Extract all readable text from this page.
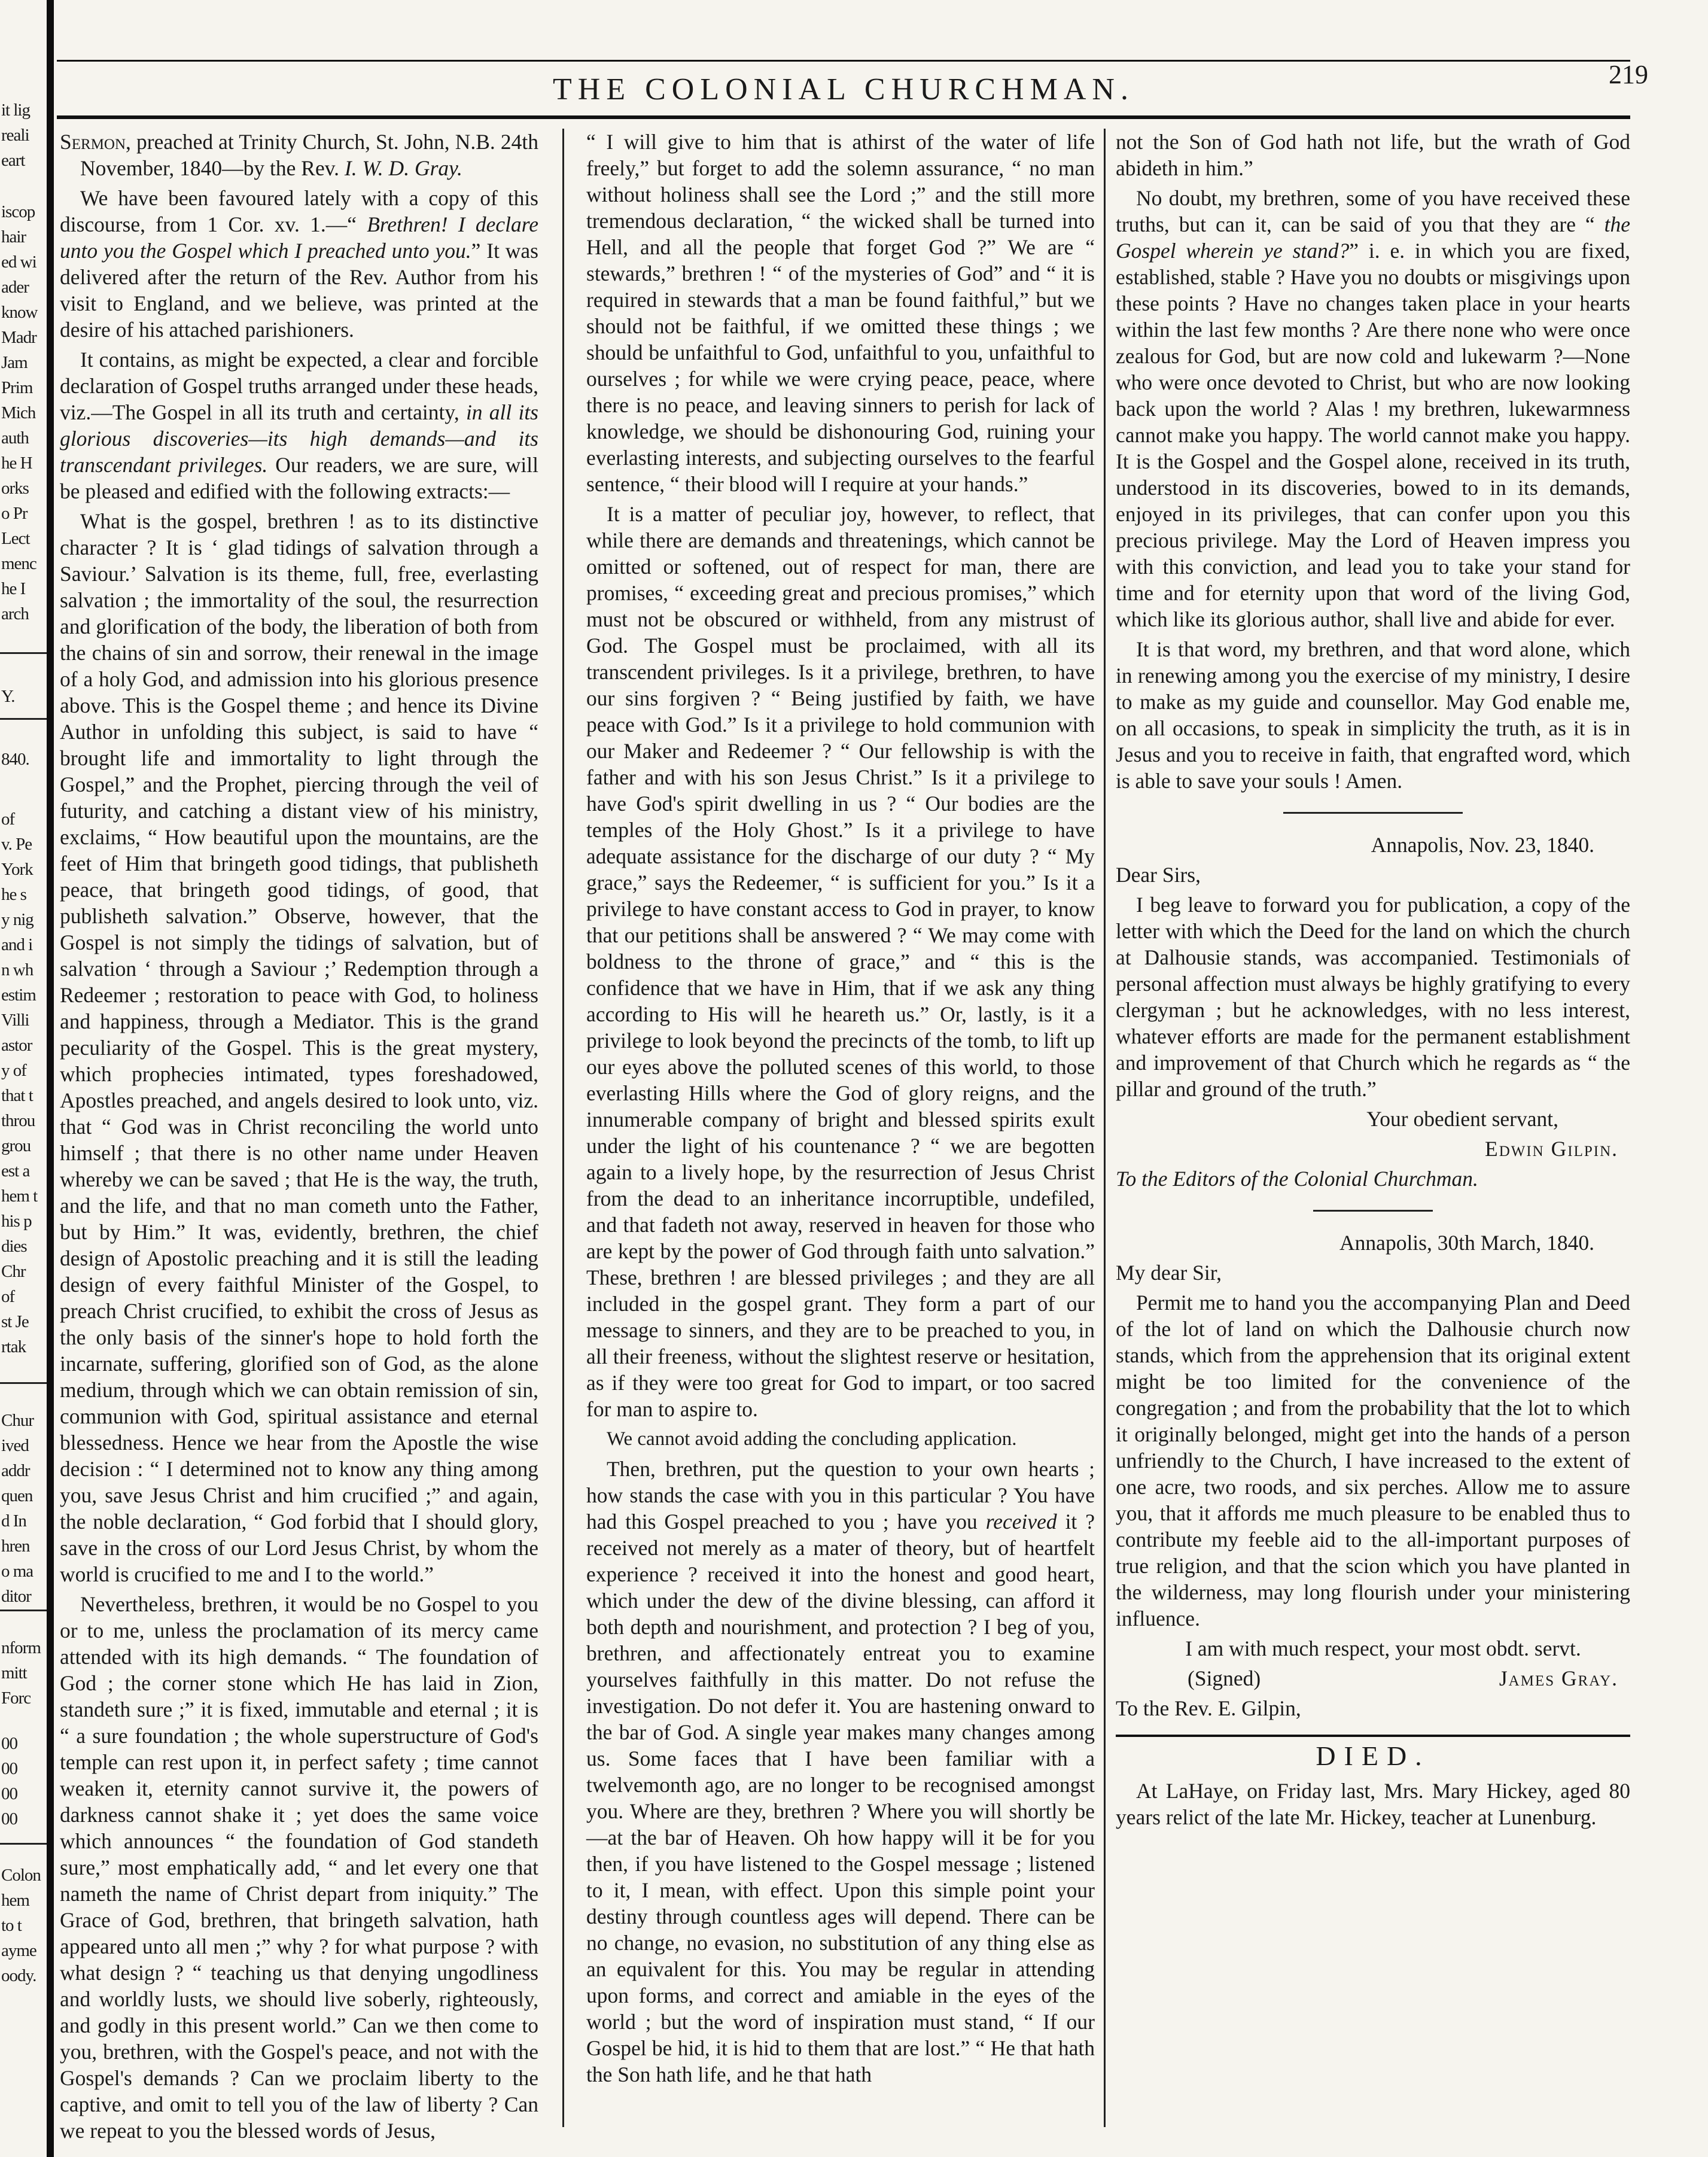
it lig
reali
eart
iscop
hair
ed wi
ader
know
Madr
Jam
Prim
Mich
auth
he H
orks
o Pr
Lect
menc
he I
arch
Y.
840.
of
v. Pe
York
he s
y nig
and i
n wh
estim
Villi
astor
y of
that t
throu
grou
est a
hem t
his p
dies
Chr
of
st Je
rtak
Chur
ived
addr
quen
d In
hren
o ma
ditor
nform
mitt
Forc
00
00
00
00
Colon
hem
to t
ayme
oody.
THE COLONIAL CHURCHMAN.	219

Sermon, preached at Trinity Church, St. John, N.B. 24th November, 1840—by the Rev. I. W. D. Gray.

We have been favoured lately with a copy of this discourse, from 1 Cor. xv. 1.—“ Brethren! I declare unto you the Gospel which I preached unto you.” It was delivered after the return of the Rev. Author from his visit to England, and we believe, was printed at the desire of his attached parishioners.

It contains, as might be expected, a clear and forcible declaration of Gospel truths arranged under these heads, viz.—The Gospel in all its truth and certainty, in all its glorious discoveries—its high demands—and its transcendant privileges. Our readers, we are sure, will be pleased and edified with the following extracts:—

What is the gospel, brethren ! as to its distinctive character ? It is ‘ glad tidings of salvation through a Saviour.’ Salvation is its theme, full, free, everlasting salvation ; the immortality of the soul, the resurrection and glorification of the body, the liberation of both from the chains of sin and sorrow, their renewal in the image of a holy God, and admission into his glorious presence above. This is the Gospel theme ; and hence its Divine Author in unfolding this subject, is said to have “ brought life and immortality to light through the Gospel,” and the Prophet, piercing through the veil of futurity, and catching a distant view of his ministry, exclaims, “ How beautiful upon the mountains, are the feet of Him that bringeth good tidings, that publisheth peace, that bringeth good tidings, of good, that publisheth salvation.” Observe, however, that the Gospel is not simply the tidings of salvation, but of salvation ‘ through a Saviour ;’ Redemption through a Redeemer ; restoration to peace with God, to holiness and happiness, through a Mediator. This is the grand peculiarity of the Gospel. This is the great mystery, which prophecies intimated, types foreshadowed, Apostles preached, and angels desired to look unto, viz. that “ God was in Christ reconciling the world unto himself ; that there is no other name under Heaven whereby we can be saved ; that He is the way, the truth, and the life, and that no man cometh unto the Father, but by Him.” It was, evidently, brethren, the chief design of Apostolic preaching and it is still the leading design of every faithful Minister of the Gospel, to preach Christ crucified, to exhibit the cross of Jesus as the only basis of the sinner's hope to hold forth the incarnate, suffering, glorified son of God, as the alone medium, through which we can obtain remission of sin, communion with God, spiritual assistance and eternal blessedness. Hence we hear from the Apostle the wise decision : “ I determined not to know any thing among you, save Jesus Christ and him crucified ;” and again, the noble declaration, “ God forbid that I should glory, save in the cross of our Lord Jesus Christ, by whom the world is crucified to me and I to the world.”

Nevertheless, brethren, it would be no Gospel to you or to me, unless the proclamation of its mercy came attended with its high demands. “ The foundation of God ; the corner stone which He has laid in Zion, standeth sure ;” it is fixed, immutable and eternal ; it is “ a sure foundation ; the whole superstructure of God's temple can rest upon it, in perfect safety ; time cannot weaken it, eternity cannot survive it, the powers of darkness cannot shake it ; yet does the same voice which announces “ the foundation of God standeth sure,” most emphatically add, “ and let every one that nameth the name of Christ depart from iniquity.” The Grace of God, brethren, that bringeth salvation, hath appeared unto all men ;” why ? for what purpose ? with what design ? “ teaching us that denying ungodliness and worldly lusts, we should live soberly, righteously, and godly in this present world.” Can we then come to you, brethren, with the Gospel's peace, and not with the Gospel's demands ? Can we proclaim liberty to the captive, and omit to tell you of the law of liberty ? Can we repeat to you the blessed words of Jesus,

“ I will give to him that is athirst of the water of life freely,” but forget to add the solemn assurance, “ no man without holiness shall see the Lord ;” and the still more tremendous declaration, “ the wicked shall be turned into Hell, and all the people that forget God ?” We are “ stewards,” brethren ! “ of the mysteries of God” and “ it is required in stewards that a man be found faithful,” but we should not be faithful, if we omitted these things ; we should be unfaithful to God, unfaithful to you, unfaithful to ourselves ; for while we were crying peace, peace, where there is no peace, and leaving sinners to perish for lack of knowledge, we should be dishonouring God, ruining your everlasting interests, and subjecting ourselves to the fearful sentence, “ their blood will I require at your hands.”

It is a matter of peculiar joy, however, to reflect, that while there are demands and threatenings, which cannot be omitted or softened, out of respect for man, there are promises, “ exceeding great and precious promises,” which must not be obscured or withheld, from any mistrust of God. The Gospel must be proclaimed, with all its transcendent privileges. Is it a privilege, brethren, to have our sins forgiven ? “ Being justified by faith, we have peace with God.” Is it a privilege to hold communion with our Maker and Redeemer ? “ Our fellowship is with the father and with his son Jesus Christ.” Is it a privilege to have God's spirit dwelling in us ? “ Our bodies are the temples of the Holy Ghost.” Is it a privilege to have adequate assistance for the discharge of our duty ? “ My grace,” says the Redeemer, “ is sufficient for you.” Is it a privilege to have constant access to God in prayer, to know that our petitions shall be answered ? “ We may come with boldness to the throne of grace,” and “ this is the confidence that we have in Him, that if we ask any thing according to His will he heareth us.” Or, lastly, is it a privilege to look beyond the precincts of the tomb, to lift up our eyes above the polluted scenes of this world, to those everlasting Hills where the God of glory reigns, and the innumerable company of bright and blessed spirits exult under the light of his countenance ? “ we are begotten again to a lively hope, by the resurrection of Jesus Christ from the dead to an inheritance incorruptible, undefiled, and that fadeth not away, reserved in heaven for those who are kept by the power of God through faith unto salvation.” These, brethren ! are blessed privileges ; and they are all included in the gospel grant. They form a part of our message to sinners, and they are to be preached to you, in all their freeness, without the slightest reserve or hesitation, as if they were too great for God to impart, or too sacred for man to aspire to.

We cannot avoid adding the concluding application.

Then, brethren, put the question to your own hearts ; how stands the case with you in this particular ? You have had this Gospel preached to you ; have you received it ? received not merely as a mater of theory, but of heartfelt experience ? received it into the honest and good heart, which under the dew of the divine blessing, can afford it both depth and nourishment, and protection ? I beg of you, brethren, and affectionately entreat you to examine yourselves faithfully in this matter. Do not refuse the investigation. Do not defer it. You are hastening onward to the bar of God. A single year makes many changes among us. Some faces that I have been familiar with a twelvemonth ago, are no longer to be recognised amongst you. Where are they, brethren ? Where you will shortly be—at the bar of Heaven. Oh how happy will it be for you then, if you have listened to the Gospel message ; listened to it, I mean, with effect. Upon this simple point your destiny through countless ages will depend. There can be no change, no evasion, no substitution of any thing else as an equivalent for this. You may be regular in attending upon forms, and correct and amiable in the eyes of the world ; but the word of inspiration must stand, “ If our Gospel be hid, it is hid to them that are lost.” “ He that hath the Son hath life, and he that hath

not the Son of God hath not life, but the wrath of God abideth in him.”

No doubt, my brethren, some of you have received these truths, but can it, can be said of you that they are “ the Gospel wherein ye stand?” i. e. in which you are fixed, established, stable ? Have you no doubts or misgivings upon these points ? Have no changes taken place in your hearts within the last few months ? Are there none who were once zealous for God, but are now cold and lukewarm ?—None who were once devoted to Christ, but who are now looking back upon the world ? Alas ! my brethren, lukewarmness cannot make you happy. The world cannot make you happy. It is the Gospel and the Gospel alone, received in its truth, understood in its discoveries, bowed to in its demands, enjoyed in its privileges, that can confer upon you this precious privilege. May the Lord of Heaven impress you with this conviction, and lead you to take your stand for time and for eternity upon that word of the living God, which like its glorious author, shall live and abide for ever.

It is that word, my brethren, and that word alone, which in renewing among you the exercise of my ministry, I desire to make as my guide and counsellor. May God enable me, on all occasions, to speak in simplicity the truth, as it is in Jesus and you to receive in faith, that engrafted word, which is able to save your souls ! Amen.

Annapolis, Nov. 23, 1840.

Dear Sirs,

I beg leave to forward you for publication, a copy of the letter with which the Deed for the land on which the church at Dalhousie stands, was accompanied. Testimonials of personal affection must always be highly gratifying to every clergyman ; but he acknowledges, with no less interest, whatever efforts are made for the permanent establishment and improvement of that Church which he regards as “ the pillar and ground of the truth.”

Your obedient servant,

Edwin Gilpin.

To the Editors of the Colonial Churchman.

Annapolis, 30th March, 1840.

My dear Sir,

Permit me to hand you the accompanying Plan and Deed of the lot of land on which the Dalhousie church now stands, which from the apprehension that its original extent might be too limited for the convenience of the congregation ; and from the probability that the lot to which it originally belonged, might get into the hands of a person unfriendly to the Church, I have increased to the extent of one acre, two roods, and six perches. Allow me to assure you, that it affords me much pleasure to be enabled thus to contribute my feeble aid to the all-important purposes of true religion, and that the scion which you have planted in the wilderness, may long flourish under your ministering influence.

I am with much respect, your most obdt. servt.

(Signed)	James Gray.

To the Rev. E. Gilpin,

DIED.

At LaHaye, on Friday last, Mrs. Mary Hickey, aged 80 years relict of the late Mr. Hickey, teacher at Lunenburg.
